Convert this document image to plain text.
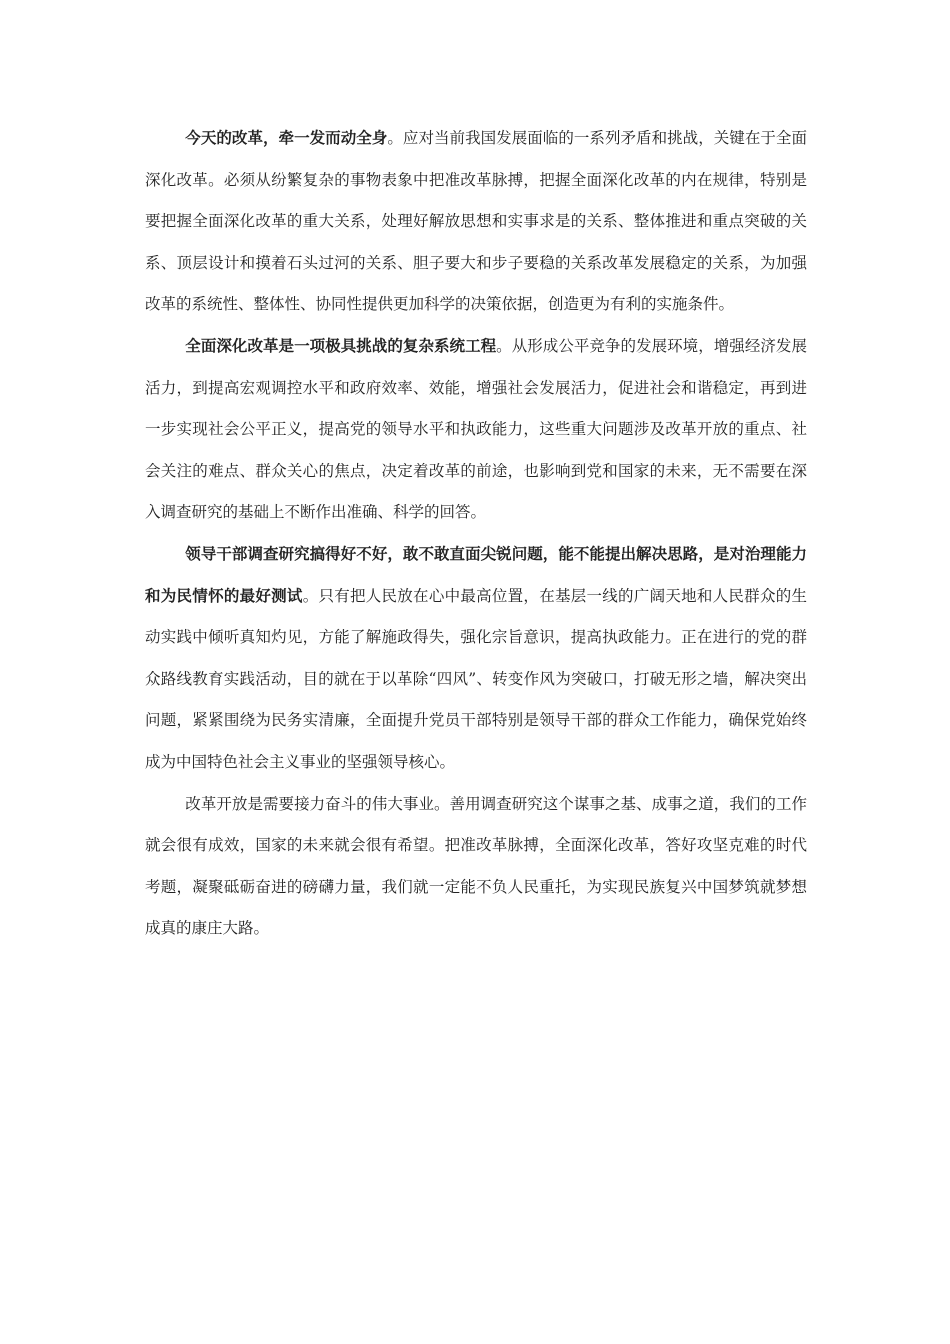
今天的改革，牵一发而动全身。应对当前我国发展面临的一系列矛盾和挑战，关键在于全面深化改革。必须从纷繁复杂的事物表象中把准改革脉搏，把握全面深化改革的内在规律，特别是要把握全面深化改革的重大关系，处理好解放思想和实事求是的关系、整体推进和重点突破的关系、顶层设计和摸着石头过河的关系、胆子要大和步子要稳的关系改革发展稳定的关系，为加强改革的系统性、整体性、协同性提供更加科学的决策依据，创造更为有利的实施条件。

全面深化改革是一项极具挑战的复杂系统工程。从形成公平竞争的发展环境，增强经济发展活力，到提高宏观调控水平和政府效率、效能，增强社会发展活力，促进社会和谐稳定，再到进一步实现社会公平正义，提高党的领导水平和执政能力，这些重大问题涉及改革开放的重点、社会关注的难点、群众关心的焦点，决定着改革的前途，也影响到党和国家的未来，无不需要在深入调查研究的基础上不断作出准确、科学的回答。

领导干部调查研究搞得好不好，敢不敢直面尖锐问题，能不能提出解决思路，是对治理能力和为民情怀的最好测试。只有把人民放在心中最高位置，在基层一线的广阔天地和人民群众的生动实践中倾听真知灼见，方能了解施政得失，强化宗旨意识，提高执政能力。正在进行的党的群众路线教育实践活动，目的就在于以革除“四风”、转变作风为突破口，打破无形之墙，解决突出问题，紧紧围绕为民务实清廉，全面提升党员干部特别是领导干部的群众工作能力，确保党始终成为中国特色社会主义事业的坚强领导核心。

改革开放是需要接力奋斗的伟大事业。善用调查研究这个谋事之基、成事之道，我们的工作就会很有成效，国家的未来就会很有希望。把准改革脉搏，全面深化改革，答好攻坚克难的时代考题，凝聚砥砺奋进的磅礴力量，我们就一定能不负人民重托，为实现民族复兴中国梦筑就梦想成真的康庄大路。
